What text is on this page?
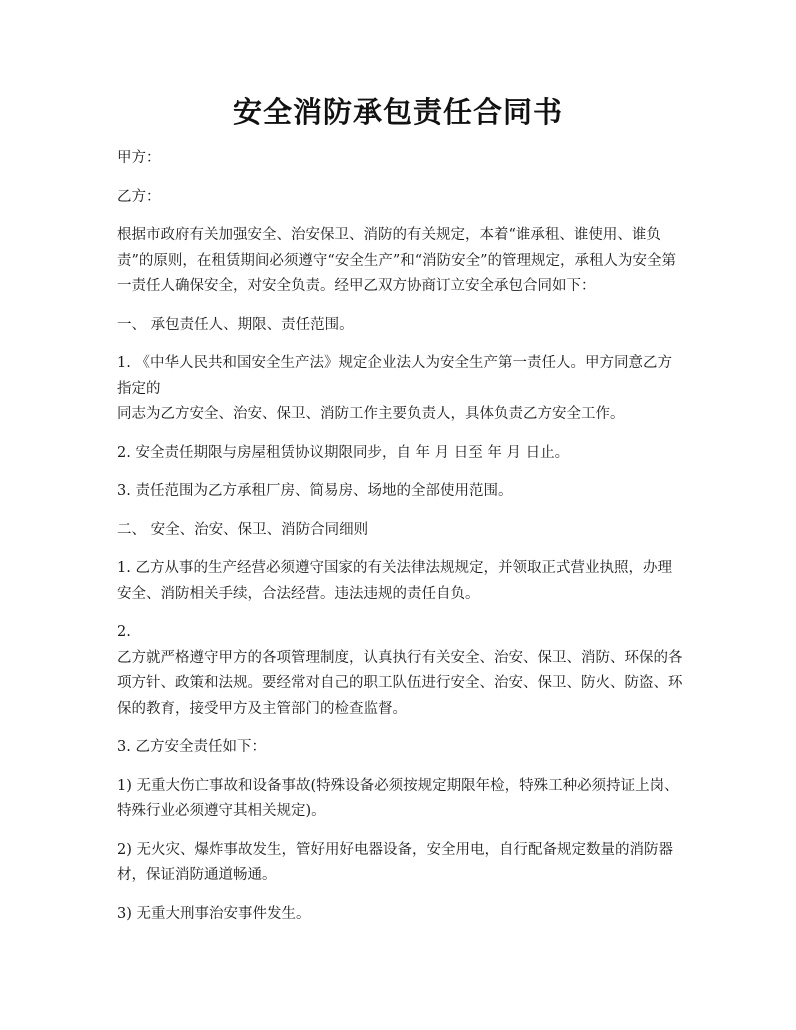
安全消防承包责任合同书

甲方：

乙方：

根据市政府有关加强安全、治安保卫、消防的有关规定，本着“谁承租、谁使用、谁负责”的原则，在租赁期间必须遵守“安全生产”和“消防安全”的管理规定，承租人为安全第一责任人确保安全，对安全负责。经甲乙双方协商订立安全承包合同如下：

一、 承包责任人、期限、责任范围。

1. 《中华人民共和国安全生产法》规定企业法人为安全生产第一责任人。甲方同意乙方指定的

同志为乙方安全、治安、保卫、消防工作主要负责人，具体负责乙方安全工作。

2. 安全责任期限与房屋租赁协议期限同步，自 年 月 日至 年 月 日止。

3. 责任范围为乙方承租厂房、简易房、场地的全部使用范围。

二、 安全、治安、保卫、消防合同细则

1. 乙方从事的生产经营必须遵守国家的有关法律法规规定，并领取正式营业执照，办理安全、消防相关手续，合法经营。违法违规的责任自负。

2.

乙方就严格遵守甲方的各项管理制度，认真执行有关安全、治安、保卫、消防、环保的各项方针、政策和法规。要经常对自己的职工队伍进行安全、治安、保卫、防火、防盗、环保的教育，接受甲方及主管部门的检查监督。

3. 乙方安全责任如下：

1) 无重大伤亡事故和设备事故(特殊设备必须按规定期限年检，特殊工种必须持证上岗、特殊行业必须遵守其相关规定)。

2) 无火灾、爆炸事故发生，管好用好电器设备，安全用电，自行配备规定数量的消防器材，保证消防通道畅通。

3) 无重大刑事治安事件发生。
